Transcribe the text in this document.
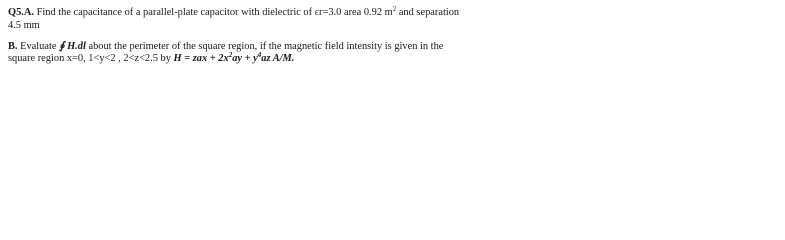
Q5.A. Find the capacitance of a parallel-plate capacitor with dielectric of εr=3.0 area 0.92 $m^2$ and separation
4.5 mm
B. Evaluate ∮ H.dl about the perimeter of the square region, if the magnetic field intensity is given in the
square region x=0, 1<y<2 , 2<z<2.5 by H = zax + $2x^2ay + y^4az$ A/M.
